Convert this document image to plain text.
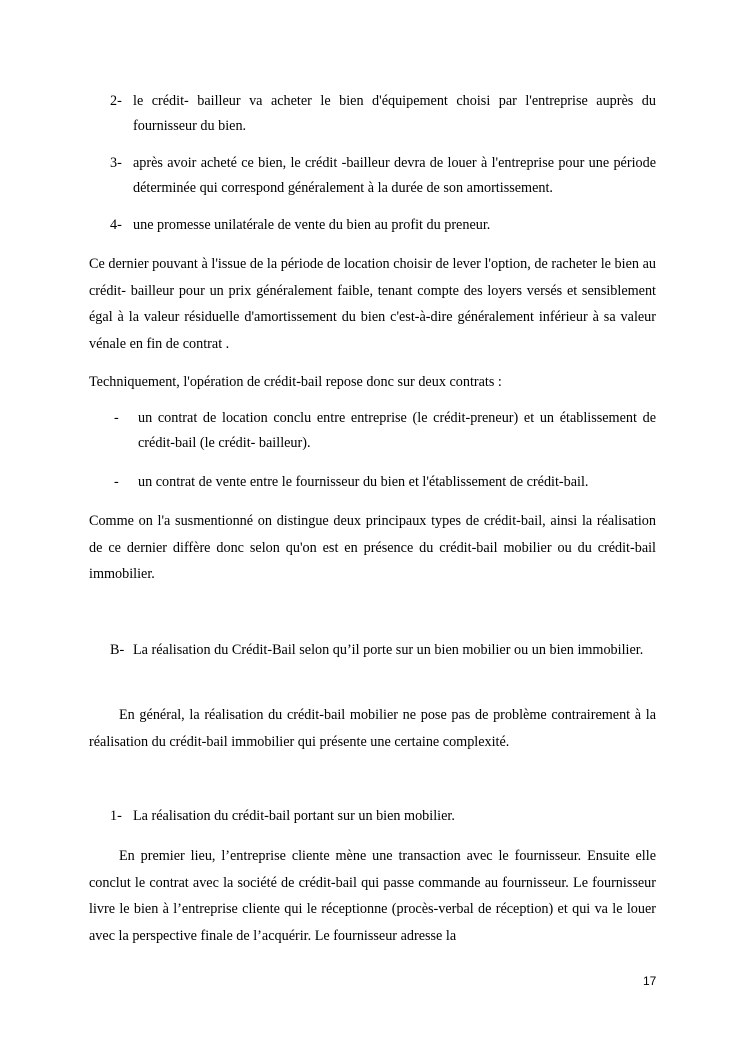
2- le crédit- bailleur va acheter le bien d'équipement choisi par l'entreprise auprès du fournisseur du bien.
3- après avoir acheté ce bien, le crédit -bailleur devra de louer à l'entreprise pour une période déterminée qui correspond généralement à la durée de son amortissement.
4- une promesse unilatérale de vente du bien au profit du preneur.

Ce dernier pouvant à l'issue de la période de location choisir de lever l'option, de racheter le bien au crédit- bailleur pour un prix généralement faible, tenant compte des loyers versés et sensiblement égal à la valeur résiduelle d'amortissement du bien c'est-à-dire généralement inférieur à sa valeur vénale en fin de contrat .

Techniquement, l'opération de crédit-bail repose donc sur deux contrats :

- un contrat de location conclu entre entreprise (le crédit-preneur) et un établissement de crédit-bail (le crédit- bailleur).
- un contrat de vente entre le fournisseur du bien et l'établissement de crédit-bail.

Comme on l'a susmentionné on distingue deux principaux types de crédit-bail, ainsi la réalisation de ce dernier diffère donc selon qu'on est en présence du crédit-bail mobilier ou du crédit-bail immobilier.

B- La réalisation du Crédit-Bail selon qu’il porte sur un bien mobilier ou un bien immobilier.

En général, la réalisation du crédit-bail mobilier ne pose pas de problème contrairement à la réalisation du crédit-bail immobilier qui présente une certaine complexité.

1- La réalisation du crédit-bail portant sur un bien mobilier.

En premier lieu, l’entreprise cliente mène une transaction avec le fournisseur. Ensuite elle conclut le contrat avec la société de crédit-bail qui passe commande au fournisseur. Le fournisseur livre le bien à l’entreprise cliente qui le réceptionne (procès-verbal de réception) et qui va le louer avec la perspective finale de l’acquérir. Le fournisseur adresse la

17
